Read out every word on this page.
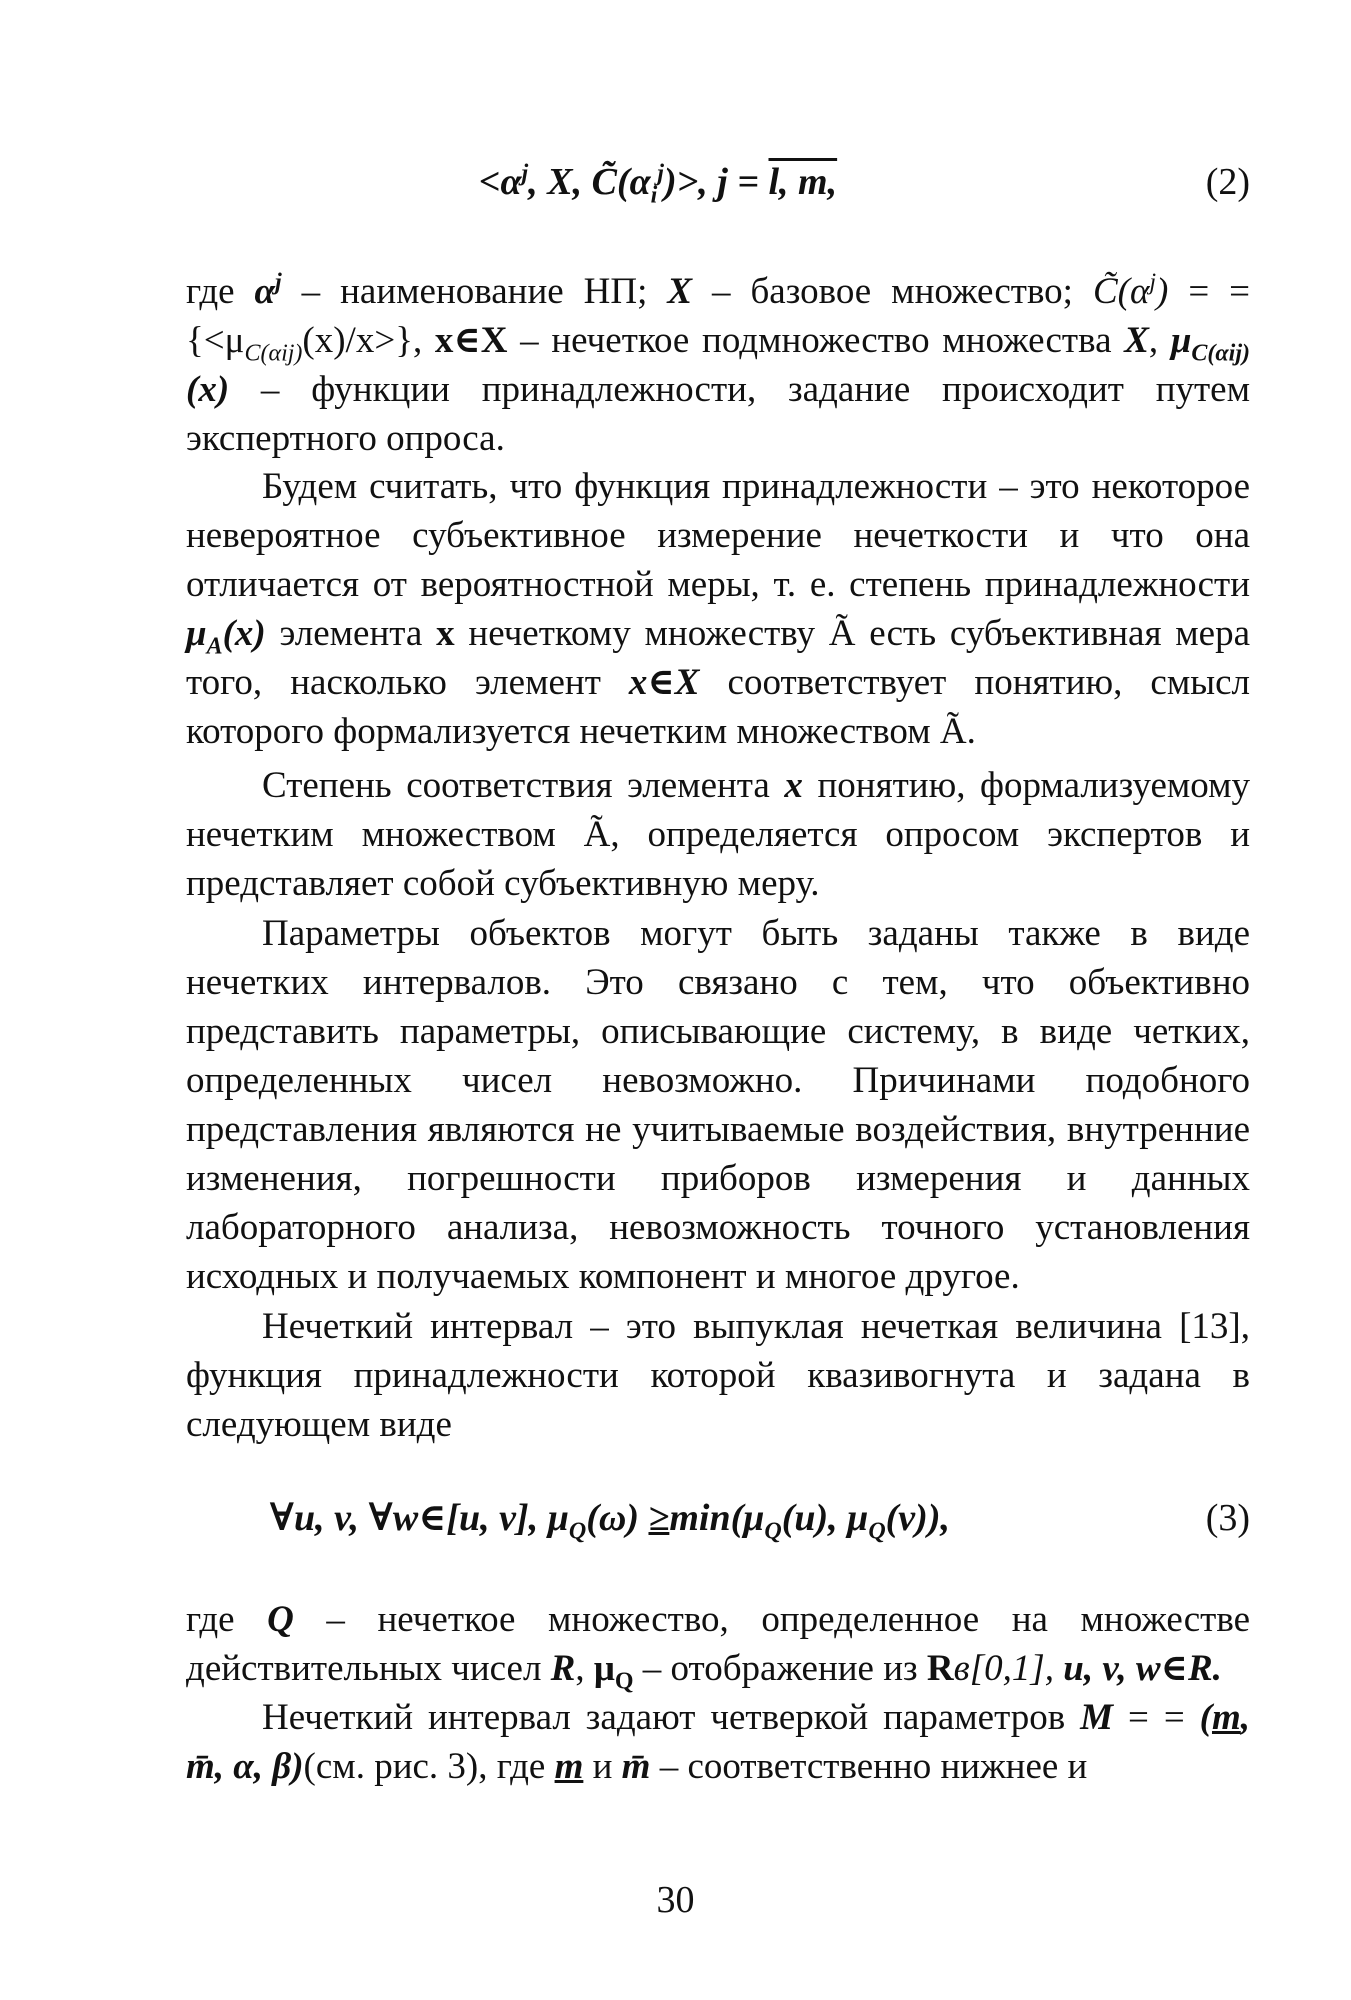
$<\alpha^j$, X, $C̃(\alpha_i^j)>$, j = l, m,	(2)

где $\alpha^j$ – наименование НП; X – базовое множество; $C̃(\alpha^j)$ = = $\{<\mu_{C(\alpha ij)}(x)/x>\}$, x∈X – нечеткое подмножество множества X, $\mu_{C(\alpha ij)}(x)$ – функции принадлежности, задание происходит путем экспертного опроса.

Будем считать, что функция принадлежности – это некоторое невероятное субъективное измерение нечеткости и что она отличается от вероятностной меры, т. е. степень принадлежности $\mu_A(x)$ элемента x нечеткому множеству Ã есть субъективная мера того, насколько элемент x∈X соответствует понятию, смысл которого формализуется нечетким множеством Ã.

Степень соответствия элемента x понятию, формализуемому нечетким множеством Ã, определяется опросом экспертов и представляет собой субъективную меру.

Параметры объектов могут быть заданы также в виде нечетких интервалов. Это связано с тем, что объективно представить параметры, описывающие систему, в виде четких, определенных чисел невозможно. Причинами подобного представления являются не учитываемые воздействия, внутренние изменения, погрешности приборов измерения и данных лабораторного анализа, невозможность точного установления исходных и получаемых компонент и многое другое.

Нечеткий интервал – это выпуклая нечеткая величина [13], функция принадлежности которой квазивогнута и задана в следующем виде

∀u, v, ∀w∈[u, v], $\mu_Q(\omega) \ge\min(\mu_Q(u)$, $\mu_Q(v)$),	(3)

где Q – нечеткое множество, определенное на множестве действительных чисел R, $\mu_Q$ – отображение из Rв[0,1], u, v, w∈R.

Нечеткий интервал задают четверкой параметров M = = (m, m̄, α, β)(см. рис. 3), где m и m̄ – соответственно нижнее и

30
